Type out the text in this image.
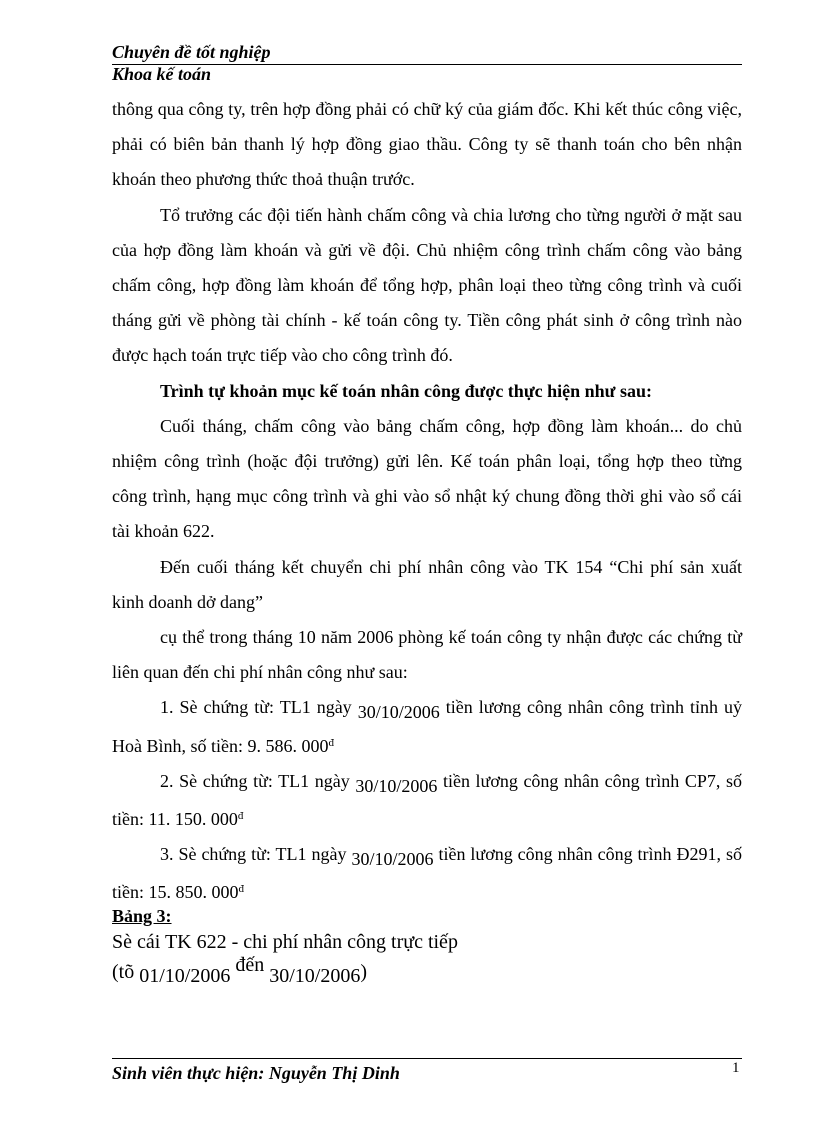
Chuyên đề tốt nghiệp
Khoa kế toán

thông qua công ty, trên hợp đồng phải có chữ ký của giám đốc. Khi kết thúc công việc, phải có biên bản thanh lý hợp đồng giao thầu. Công ty sẽ thanh toán cho bên nhận khoán theo phương thức thoả thuận trước.

Tổ trưởng các đội tiến hành chấm công và chia lương cho từng người ở mặt sau của hợp đồng làm khoán và gửi về đội. Chủ nhiệm công trình chấm công vào bảng chấm công, hợp đồng làm khoán để tổng hợp, phân loại theo từng công trình và cuối tháng gửi về phòng tài chính - kế toán công ty. Tiền công phát sinh ở công trình nào được hạch toán trực tiếp vào cho công trình đó.

Trình tự khoản mục kế toán nhân công được thực hiện như sau:

Cuối tháng, chấm công vào bảng chấm công, hợp đồng làm khoán... do chủ nhiệm công trình (hoặc đội trưởng) gửi lên. Kế toán phân loại, tổng hợp theo từng công trình, hạng mục công trình và ghi vào sổ nhật ký chung đồng thời ghi vào sổ cái tài khoản 622.

Đến cuối tháng kết chuyển chi phí nhân công vào TK 154 “Chi phí sản xuất kinh doanh dở dang”

cụ thể trong tháng 10 năm 2006 phòng kế toán công ty nhận được các chứng từ liên quan đến chi phí nhân công như sau:

1. Sè chứng từ: TL1 ngày 30/10/2006 tiền lương công nhân công trình tỉnh uỷ Hoà Bình, số tiền: 9. 586. $000^đ$

2. Sè chứng từ: TL1 ngày 30/10/2006 tiền lương công nhân công trình CP7, số tiền: 11. 150. $000^đ$

3. Sè chứng từ: TL1 ngày 30/10/2006 tiền lương công nhân công trình Đ291, số tiền: 15. 850. $000^đ$

Bảng 3:
Sè cái TK 622 - chi phí nhân công trực tiếp
(tõ 01/10/2006 đến 30/10/2006)
Sinh viên thực hiện: Nguyễn Thị Dinh	1
